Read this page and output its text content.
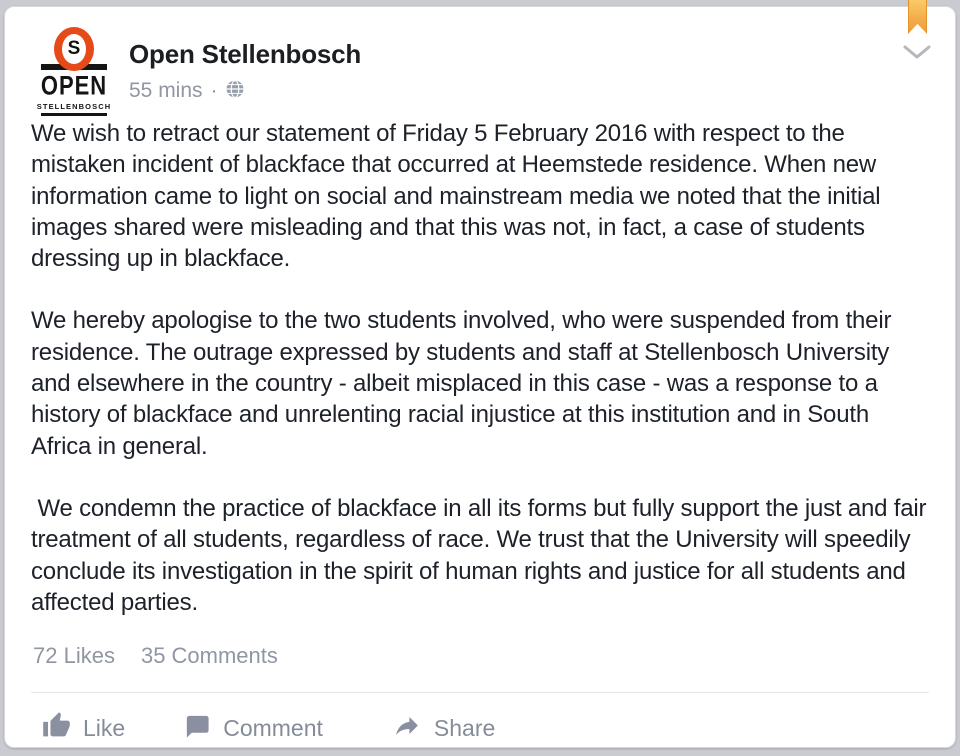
S
OPEN
STELLENBOSCH
Open Stellenbosch
55 mins ·

We wish to retract our statement of Friday 5 February 2016 with respect to the mistaken incident of blackface that occurred at Heemstede residence. When new information came to light on social and mainstream media we noted that the initial images shared were misleading and that this was not, in fact, a case of students dressing up in blackface.

We hereby apologise to the two students involved, who were suspended from their residence. The outrage expressed by students and staff at Stellenbosch University and elsewhere in the country - albeit misplaced in this case - was a response to a history of blackface and unrelenting racial injustice at this institution and in South Africa in general.

We condemn the practice of blackface in all its forms but fully support the just and fair treatment of all students, regardless of race. We trust that the University will speedily conclude its investigation in the spirit of human rights and justice for all students and affected parties.

72 Likes 35 Comments
Like	Comment	Share
